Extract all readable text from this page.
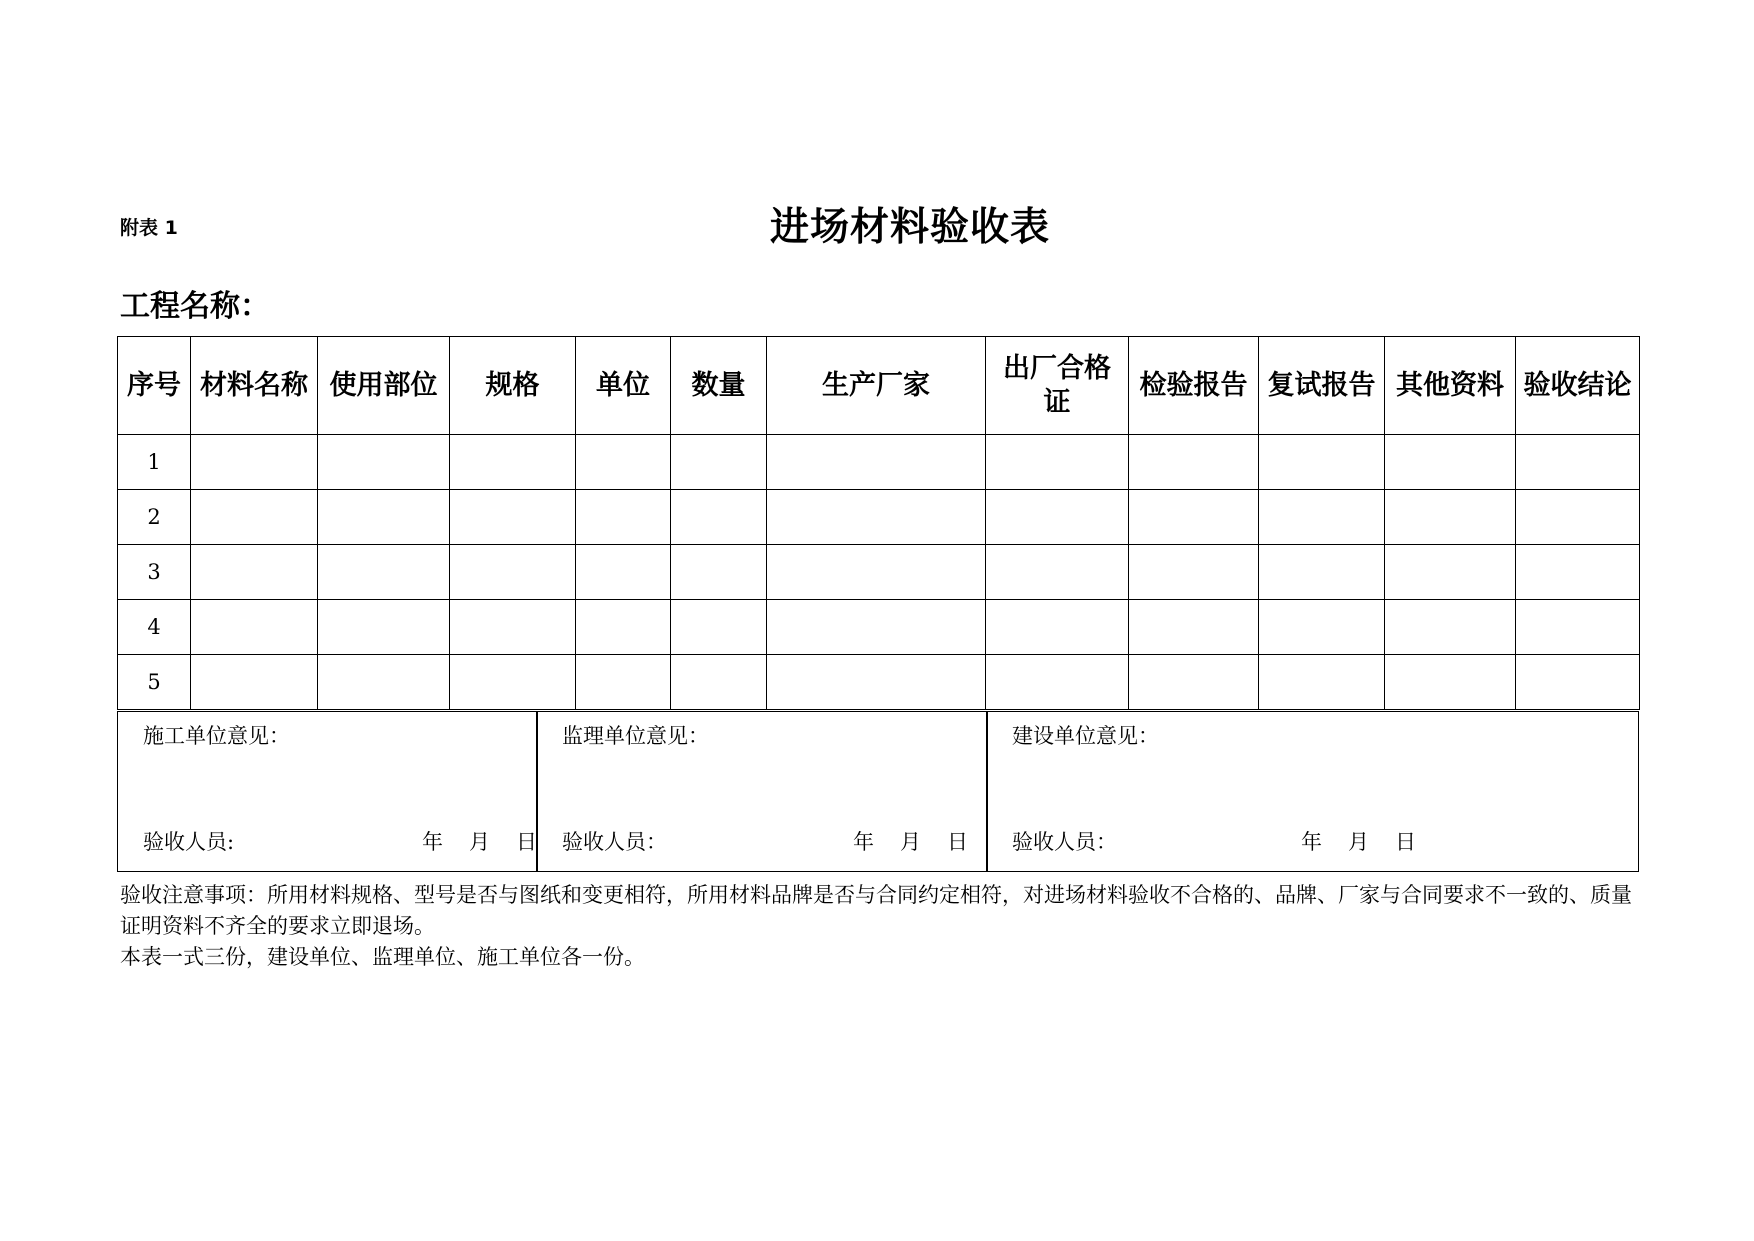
附表 1	进场材料验收表
工程名称：
序号	材料名称	使用部位	规格	单位	数量	生产厂家	出厂合格证	检验报告	复试报告	其他资料	验收结论
1											
2											
3											
4											
5											
施工单位意见：
验收人员:	年 月 日
监理单位意见：
验收人员：	年 月 日
建设单位意见：
验收人员：	年 月 日

验收注意事项：所用材料规格、型号是否与图纸和变更相符，所用材料品牌是否与合同约定相符，对进场材料验收不合格的、品牌、厂家与合同要求不一致的、质量证明资料不齐全的要求立即退场。

本表一式三份，建设单位、监理单位、施工单位各一份。
